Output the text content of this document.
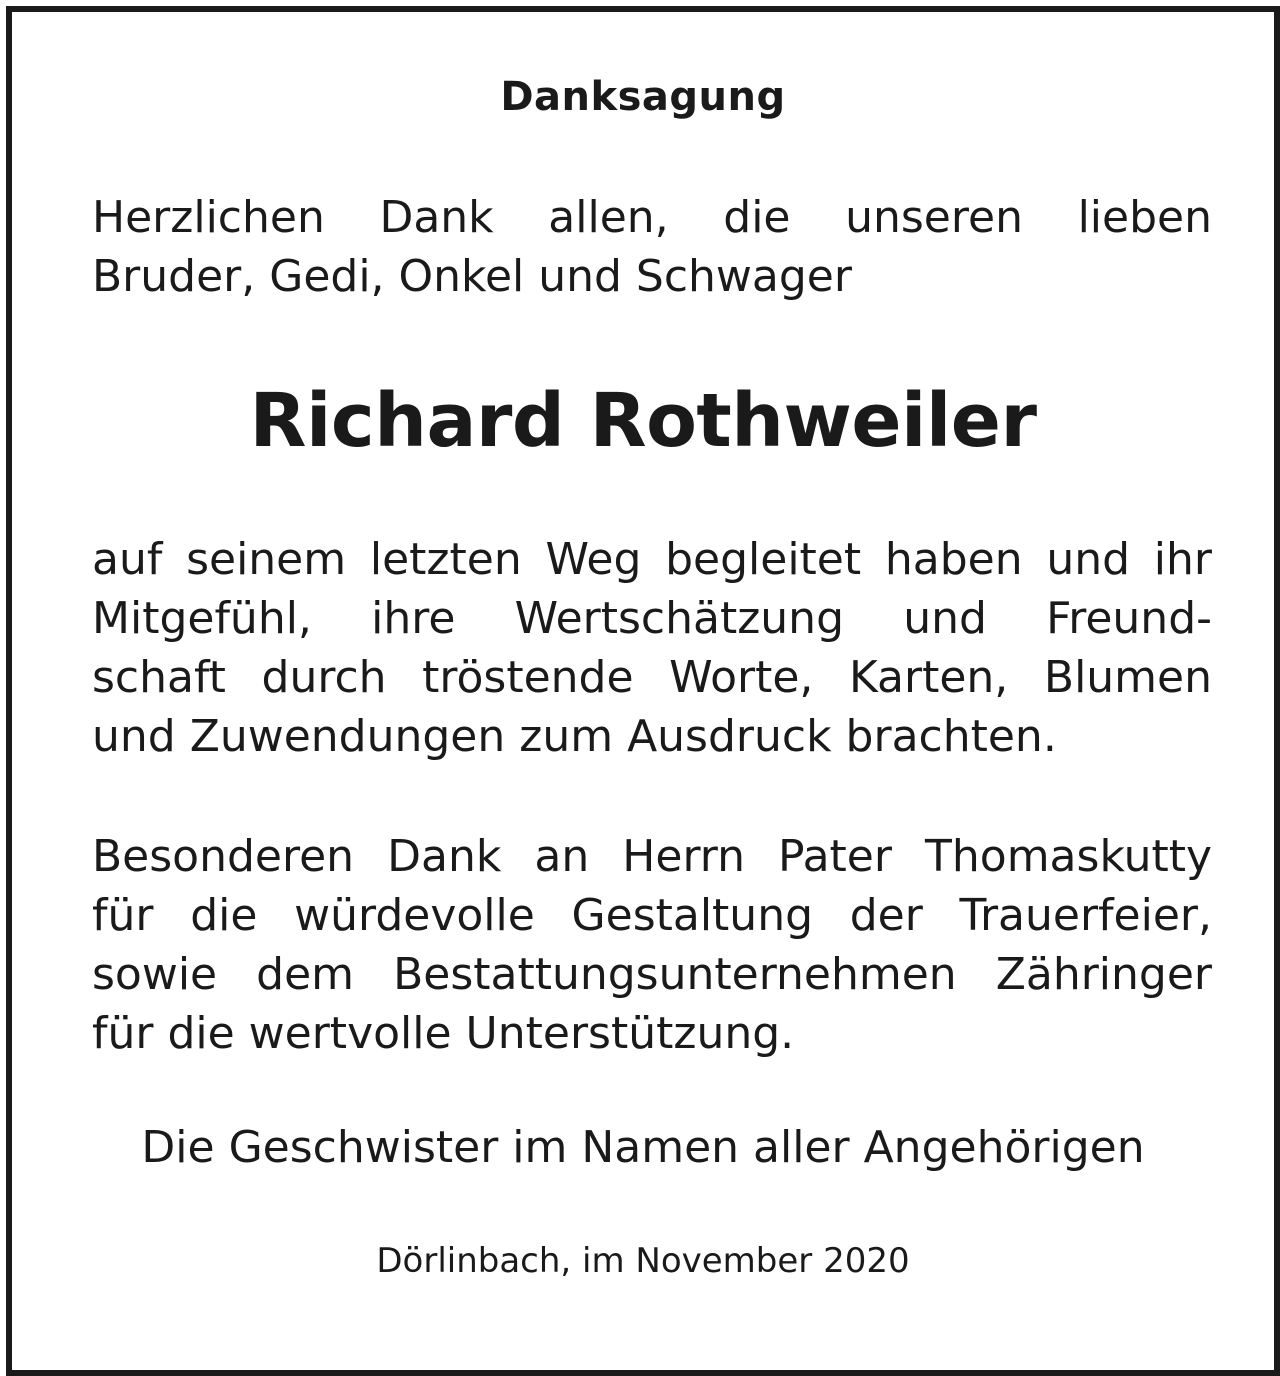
Danksagung
Herzlichen Dank allen, die unseren lieben
Bruder, Gedi, Onkel und Schwager
Richard Rothweiler
auf seinem letzten Weg begleitet haben und ihr
Mitgefühl, ihre Wertschätzung und Freund-
schaft durch tröstende Worte, Karten, Blumen
und Zuwendungen zum Ausdruck brachten.
Besonderen Dank an Herrn Pater Thomaskutty
für die würdevolle Gestaltung der Trauerfeier,
sowie dem Bestattungsunternehmen Zähringer
für die wertvolle Unterstützung.
Die Geschwister im Namen aller Angehörigen
Dörlinbach, im November 2020
